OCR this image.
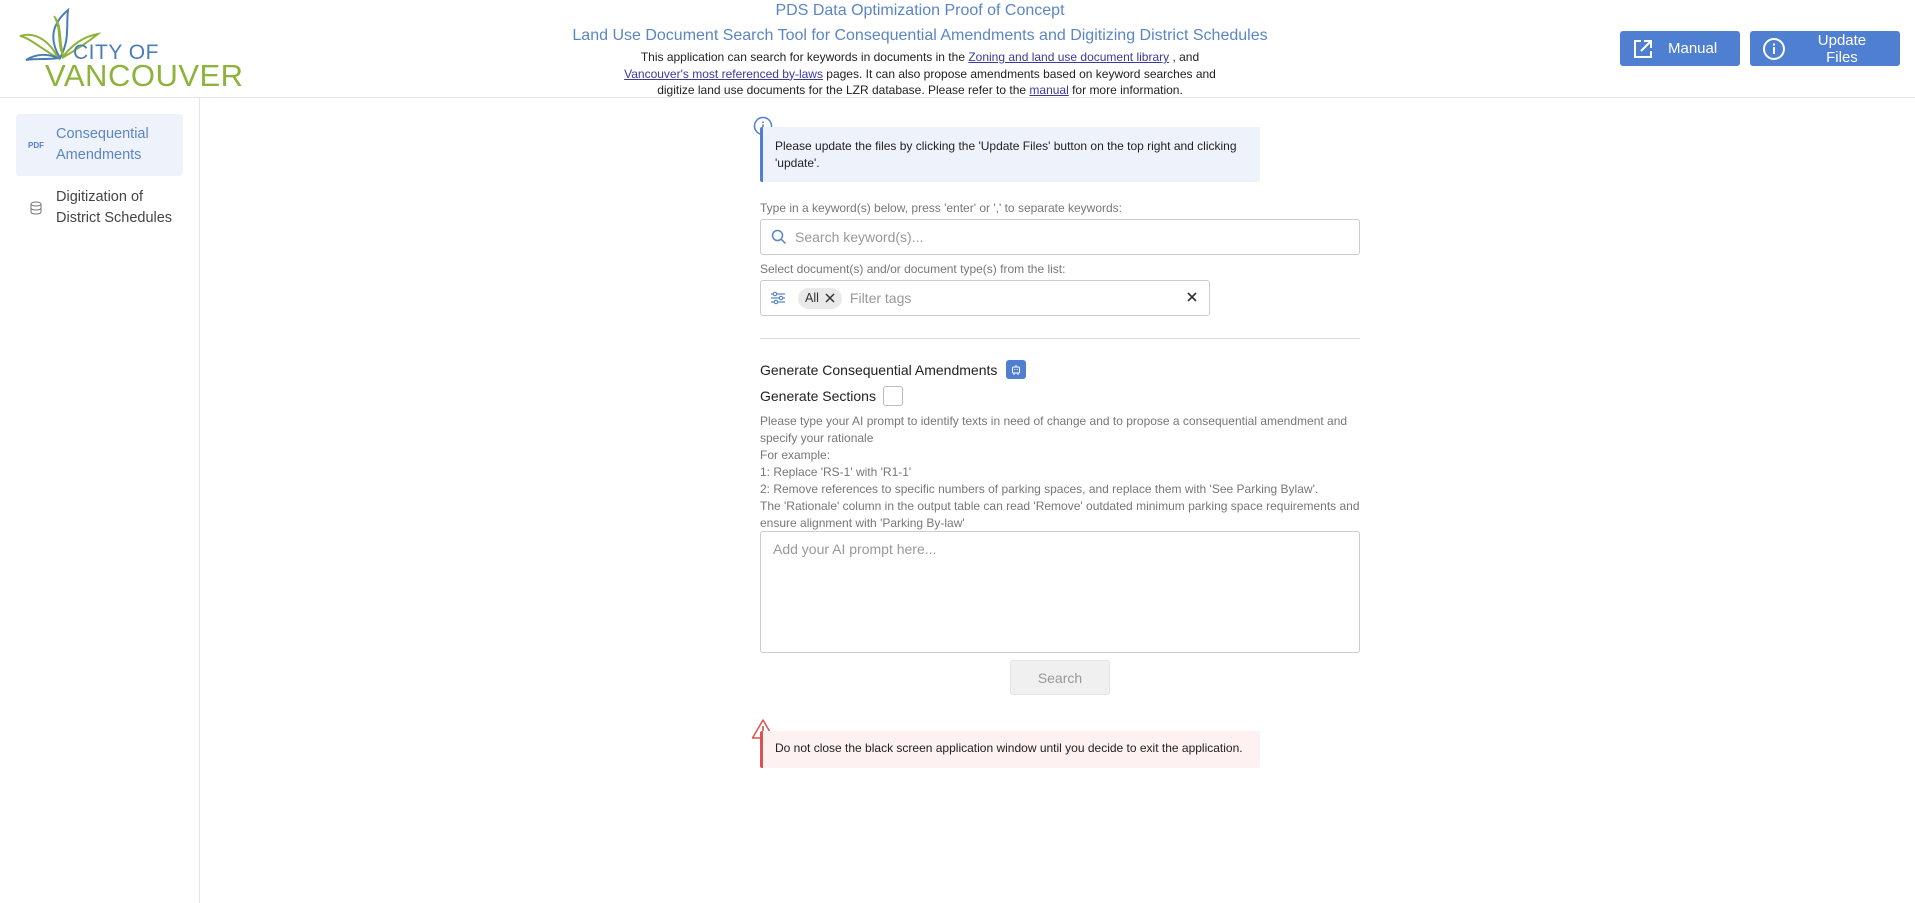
CITY OF
VANCOUVER
PDS Data Optimization Proof of Concept
Land Use Document Search Tool for Consequential Amendments and Digitizing District Schedules
This application can search for keywords in documents in the Zoning and land use document library , and Vancouver's most referenced by-laws pages. It can also propose amendments based on keyword searches and digitize land use documents for the LZR database. Please refer to the manual for more information.
Manual	Update Files
PDF
Consequential
Amendments
Digitization of
District Schedules
Please update the files by clicking the 'Update Files' button on the top right and clicking 'update'.
Type in a keyword(s) below, press 'enter' or ',' to separate keywords:
Search keyword(s)...
Select document(s) and/or document type(s) from the list:
All
Filter tags
Generate Consequential Amendments
Generate Sections
Please type your AI prompt to identify texts in need of change and to propose a consequential amendment and specify your rationale
For example:
1: Replace 'RS-1' with 'R1-1'
2: Remove references to specific numbers of parking spaces, and replace them with 'See Parking Bylaw'.
The 'Rationale' column in the output table can read 'Remove' outdated minimum parking space requirements and ensure alignment with 'Parking By-law'
Add your AI prompt here...
Search
Do not close the black screen application window until you decide to exit the application.
